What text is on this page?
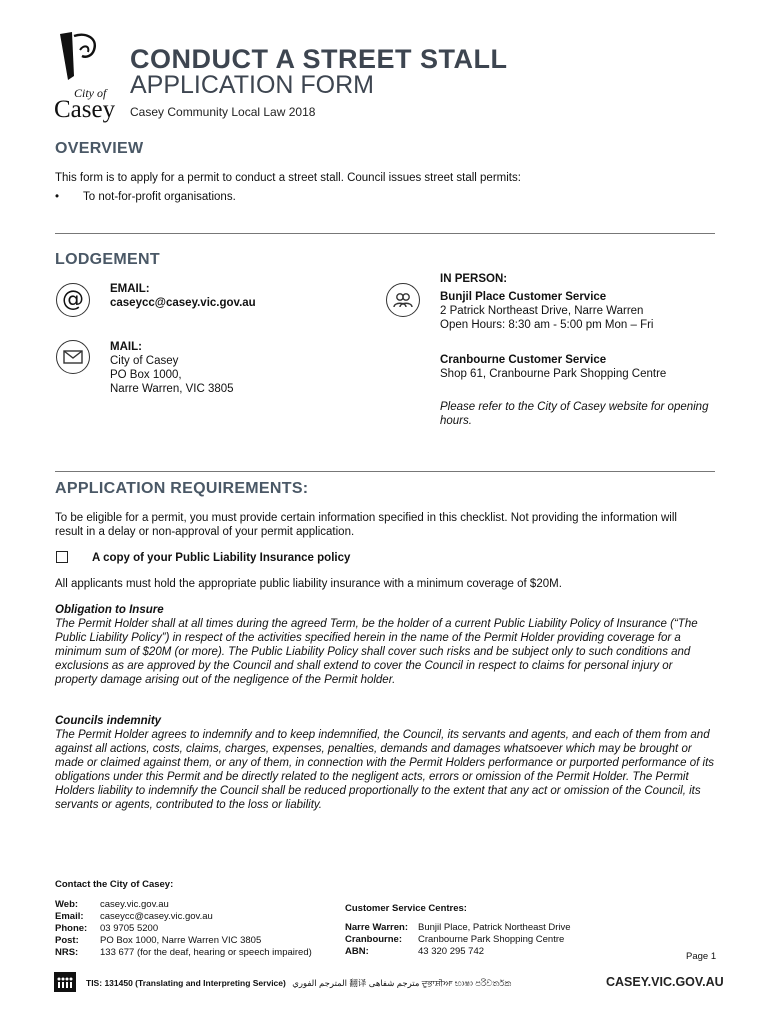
City of
Casey
CONDUCT A STREET STALL
APPLICATION FORM
Casey Community Local Law 2018
OVERVIEW
This form is to apply for a permit to conduct a street stall. Council issues street stall permits:
• To not-for-profit organisations.
LODGEMENT
@ EMAIL:
caseycc@casey.vic.gov.au
MAIL:
City of Casey
PO Box 1000,
Narre Warren, VIC 3805
IN PERSON:
Bunjil Place Customer Service
2 Patrick Northeast Drive, Narre Warren
Open Hours: 8:30 am - 5:00 pm Mon – Fri
Cranbourne Customer Service
Shop 61, Cranbourne Park Shopping Centre
Please refer to the City of Casey website for opening hours.
APPLICATION REQUIREMENTS:
To be eligible for a permit, you must provide certain information specified in this checklist. Not providing the information will result in a delay or non-approval of your permit application.
A copy of your Public Liability Insurance policy
All applicants must hold the appropriate public liability insurance with a minimum coverage of $20M.
Obligation to Insure
The Permit Holder shall at all times during the agreed Term, be the holder of a current Public Liability Policy of Insurance (“The Public Liability Policy”) in respect of the activities specified herein in the name of the Permit Holder providing coverage for a minimum sum of $20M (or more). The Public Liability Policy shall cover such risks and be subject only to such conditions and exclusions as are approved by the Council and shall extend to cover the Council in respect to claims for personal injury or property damage arising out of the negligence of the Permit holder.
Councils indemnity
The Permit Holder agrees to indemnify and to keep indemnified, the Council, its servants and agents, and each of them from and against all actions, costs, claims, charges, expenses, penalties, demands and damages whatsoever which may be brought or made or claimed against them, or any of them, in connection with the Permit Holders performance or purported performance of its obligations under this Permit and be directly related to the negligent acts, errors or omission of the Permit Holder. The Permit Holders liability to indemnify the Council shall be reduced proportionally to the extent that any act or omission of the Council, its servants or agents, contributed to the loss or liability.
Contact the City of Casey:
Web: casey.vic.gov.au
Email: caseycc@casey.vic.gov.au
Phone: 03 9705 5200
Post: PO Box 1000, Narre Warren VIC 3805
NRS: 133 677 (for the deaf, hearing or speech impaired)
Customer Service Centres:
Narre Warren: Bunjil Place, Patrick Northeast Drive
Cranbourne: Cranbourne Park Shopping Centre
ABN:	43 320 295 742	Page 1
TIS: 131450 (Translating and Interpreting Service) المترجم الفوري 翻译 مترجم شفاهی ਦੁਭਾਸ਼ੀਆ භාෂා පරිවර්තක	CASEY.VIC.GOV.AU
